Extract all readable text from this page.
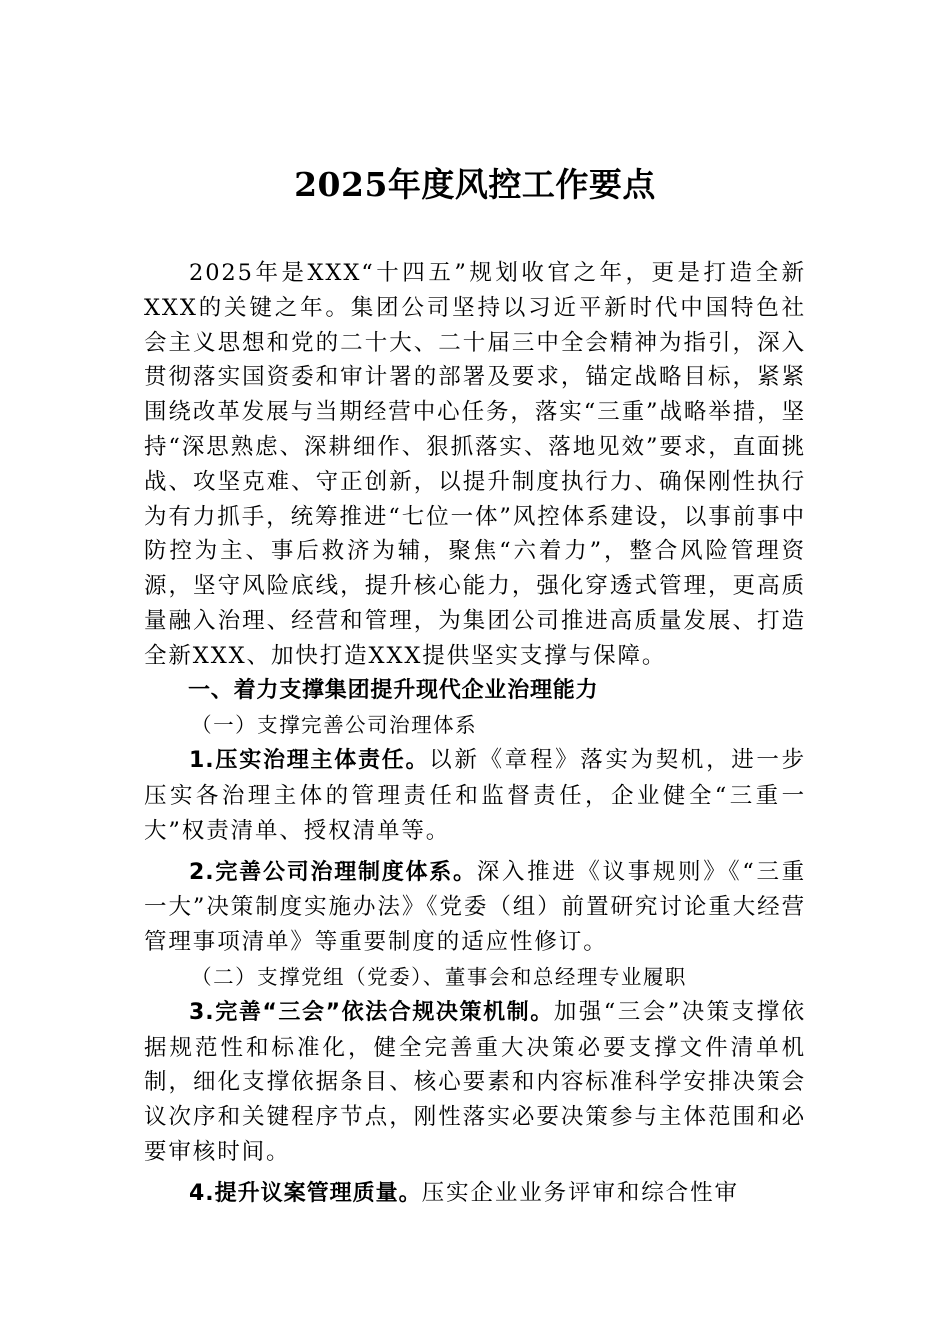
2025年度风控工作要点

2025年是XXX“十四五”规划收官之年，更是打造全新XXX的关键之年。集团公司坚持以习近平新时代中国特色社会主义思想和党的二十大、二十届三中全会精神为指引，深入贯彻落实国资委和审计署的部署及要求，锚定战略目标，紧紧围绕改革发展与当期经营中心任务，落实“三重”战略举措，坚持“深思熟虑、深耕细作、狠抓落实、落地见效”要求，直面挑战、攻坚克难、守正创新，以提升制度执行力、确保刚性执行为有力抓手，统筹推进“七位一体”风控体系建设，以事前事中防控为主、事后救济为辅，聚焦“六着力”，整合风险管理资源，坚守风险底线，提升核心能力，强化穿透式管理，更高质量融入治理、经营和管理，为集团公司推进高质量发展、打造全新XXX、加快打造XXX提供坚实支撑与保障。

一、着力支撑集团提升现代企业治理能力

（一）支撑完善公司治理体系

1.压实治理主体责任。以新《章程》落实为契机，进一步压实各治理主体的管理责任和监督责任，企业健全“三重一大”权责清单、授权清单等。

2.完善公司治理制度体系。深入推进《议事规则》《“三重一大”决策制度实施办法》《党委（组）前置研究讨论重大经营管理事项清单》等重要制度的适应性修订。

（二）支撑党组（党委）、董事会和总经理专业履职

3.完善“三会”依法合规决策机制。加强“三会”决策支撑依据规范性和标准化，健全完善重大决策必要支撑文件清单机制，细化支撑依据条目、核心要素和内容标准科学安排决策会议次序和关键程序节点，刚性落实必要决策参与主体范围和必要审核时间。

4.提升议案管理质量。压实企业业务评审和综合性审
